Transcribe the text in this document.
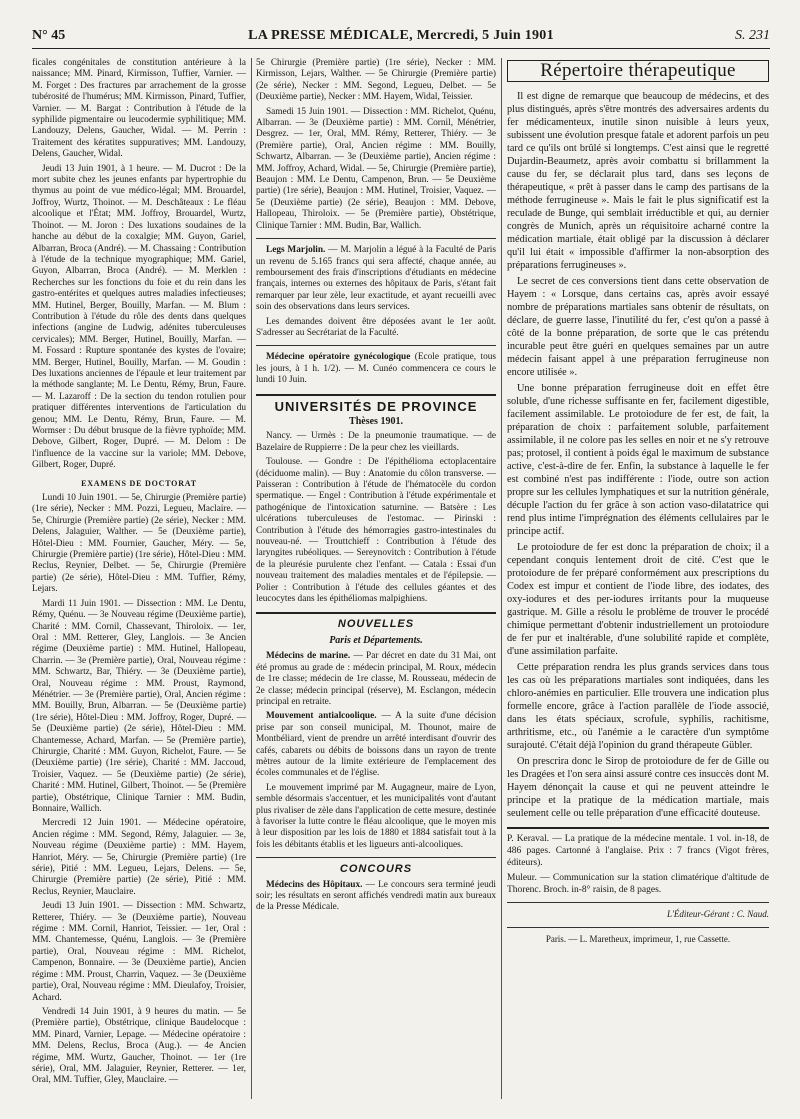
N° 45	LA PRESSE MÉDICALE, Mercredi, 5 Juin 1901	S. 231

ficales congénitales de constitution antérieure à la naissance; MM. Pinard, Kirmisson, Tuffier, Varnier. — M. Forget : Des fractures par arrachement de la grosse tubérosité de l'humérus; MM. Kirmisson, Pinard, Tuffier, Varnier. — M. Bargat : Contribution à l'étude de la syphilide pigmentaire ou leucodermie syphilitique; MM. Landouzy, Delens, Gaucher, Widal. — M. Perrin : Traitement des kératites suppuratives; MM. Landouzy, Delens, Gaucher, Widal.

Jeudi 13 Juin 1901, à 1 heure. — M. Ducrot : De la mort subite chez les jeunes enfants par hypertrophie du thymus au point de vue médico-légal; MM. Brouardel, Joffroy, Wurtz, Thoinot. — M. Deschâteaux : Le fléau alcoolique et l'État; MM. Joffroy, Brouardel, Wurtz, Thoinot. — M. Joron : Des luxations soudaines de la hanche au début de la coxalgie; MM. Guyon, Gariel, Albarran, Broca (André). — M. Chassaing : Contribution à l'étude de la technique myographique; MM. Gariel, Guyon, Albarran, Broca (André). — M. Merklen : Recherches sur les fonctions du foie et du rein dans les gastro-entérites et quelques autres maladies infectieuses; MM. Hutinel, Berger, Bouilly, Marfan. — M. Blum : Contribution à l'étude du rôle des dents dans quelques infections (angine de Ludwig, adénites tuberculeuses cervicales); MM. Berger, Hutinel, Bouilly, Marfan. — M. Fossard : Rupture spontanée des kystes de l'ovaire; MM. Berger, Hutinel, Bouilly, Marfan. — M. Goudin : Des luxations anciennes de l'épaule et leur traitement par la méthode sanglante; M. Le Dentu, Rémy, Brun, Faure. — M. Lazaroff : De la section du tendon rotulien pour pratiquer différentes interventions de l'articulation du genou; MM. Le Dentu, Rémy, Brun, Faure. — M. Wormser : Du début brusque de la fièvre typhoïde; MM. Debove, Gilbert, Roger, Dupré. — M. Delom : De l'influence de la vaccine sur la variole; MM. Debove, Gilbert, Roger, Dupré.

EXAMENS DE DOCTORAT

Lundi 10 Juin 1901. — 5e, Chirurgie (Première partie) (1re série), Necker : MM. Pozzi, Legueu, Maclaire. — 5e, Chirurgie (Première partie) (2e série), Necker : MM. Delens, Jalaguier, Walther. — 5e (Deuxième partie), Hôtel-Dieu : MM. Fournier, Gaucher, Méry. — 5e, Chirurgie (Première partie) (1re série), Hôtel-Dieu : MM. Reclus, Reynier, Delbet. — 5e, Chirurgie (Première partie) (2e série), Hôtel-Dieu : MM. Tuffier, Rémy, Lejars.

Mardi 11 Juin 1901. — Dissection : MM. Le Dentu, Rémy, Quénu. — 3e Nouveau régime (Deuxième partie), Charité : MM. Cornil, Chassevant, Thiroloix. — 1er, Oral : MM. Retterer, Gley, Langlois. — 3e Ancien régime (Deuxième partie) : MM. Hutinel, Hallopeau, Charrin. — 3e (Première partie), Oral, Nouveau régime : MM. Schwartz, Bar, Thiéry. — 3e (Deuxième partie), Oral, Nouveau régime : MM. Proust, Raymond, Ménétrier. — 3e (Première partie), Oral, Ancien régime : MM. Bouilly, Brun, Albarran. — 5e (Deuxième partie) (1re série), Hôtel-Dieu : MM. Joffroy, Roger, Dupré. — 5e (Deuxième partie) (2e série), Hôtel-Dieu : MM. Chantemesse, Achard, Marfan. — 5e (Première partie), Chirurgie, Charité : MM. Guyon, Richelot, Faure. — 5e (Deuxième partie) (1re série), Charité : MM. Jaccoud, Troisier, Vaquez. — 5e (Deuxième partie) (2e série), Charité : MM. Hutinel, Gilbert, Thoinot. — 5e (Première partie), Obstétrique, Clinique Tarnier : MM. Budin, Bonnaire, Wallich.

Mercredi 12 Juin 1901. — Médecine opératoire, Ancien régime : MM. Segond, Rémy, Jalaguier. — 3e, Nouveau régime (Deuxième partie) : MM. Hayem, Hanriot, Méry. — 5e, Chirurgie (Première partie) (1re série), Pitié : MM. Legueu, Lejars, Delens. — 5e, Chirurgie (Première partie) (2e série), Pitié : MM. Reclus, Reynier, Mauclaire.

Jeudi 13 Juin 1901. — Dissection : MM. Schwartz, Retterer, Thiéry. — 3e (Deuxième partie), Nouveau régime : MM. Cornil, Hanriot, Teissier. — 1er, Oral : MM. Chantemesse, Quénu, Langlois. — 3e (Première partie), Oral, Nouveau régime : MM. Richelot, Campenon, Bonnaire. — 3e (Deuxième partie), Ancien régime : MM. Proust, Charrin, Vaquez. — 3e (Deuxième partie), Oral, Nouveau régime : MM. Dieulafoy, Troisier, Achard.

Vendredi 14 Juin 1901, à 9 heures du matin. — 5e (Première partie), Obstétrique, clinique Baudelocque : MM. Pinard, Varnier, Lepage. — Médecine opératoire : MM. Delens, Reclus, Broca (Aug.). — 4e Ancien régime, MM. Wurtz, Gaucher, Thoinot. — 1er (1re série), Oral, MM. Jalaguier, Reynier, Retterer. — 1er, Oral, MM. Tuffier, Gley, Mauclaire. —

5e Chirurgie (Première partie) (1re série), Necker : MM. Kirmisson, Lejars, Walther. — 5e Chirurgie (Première partie) (2e série), Necker : MM. Segond, Legueu, Delbet. — 5e (Deuxième partie), Necker : MM. Hayem, Widal, Teissier.

Samedi 15 Juin 1901. — Dissection : MM. Richelot, Quénu, Albarran. — 3e (Deuxième partie) : MM. Cornil, Ménétrier, Desgrez. — 1er, Oral, MM. Rémy, Retterer, Thiéry. — 3e (Première partie), Oral, Ancien régime : MM. Bouilly, Schwartz, Albarran. — 3e (Deuxième partie), Ancien régime : MM. Joffroy, Achard, Widal. — 5e, Chirurgie (Première partie), Beaujon : MM. Le Dentu, Campenon, Brun. — 5e Deuxième partie) (1re série), Beaujon : MM. Hutinel, Troisier, Vaquez. — 5e (Deuxième partie) (2e série), Beaujon : MM. Debove, Hallopeau, Thiroloix. — 5e (Première partie), Obstétrique, Clinique Tarnier : MM. Budin, Bar, Wallich.

Legs Marjolin. — M. Marjolin a légué à la Faculté de Paris un revenu de 5.165 francs qui sera affecté, chaque année, au remboursement des frais d'inscriptions d'étudiants en médecine français, internes ou externes des hôpitaux de Paris, s'étant fait remarquer par leur zèle, leur exactitude, et ayant recueilli avec soin des observations dans leurs services.

Les demandes doivent être déposées avant le 1er août. S'adresser au Secrétariat de la Faculté.

Médecine opératoire gynécologique (Ecole pratique, tous les jours, à 1 h. 1/2). — M. Cunéo commencera ce cours le lundi 10 Juin.

UNIVERSITÉS DE PROVINCE
Thèses 1901.

Nancy. — Urmès : De la pneumonie traumatique. — de Bazelaire de Ruppierre : De la peur chez les vieillards.

Toulouse. — Gondre : De l'épithélioma ectoplacentaire (déciduome malin). — Buy : Anatomie du côlon transverse. — Paisseran : Contribution à l'étude de l'hématocèle du cordon spermatique. — Engel : Contribution à l'étude expérimentale et pathogénique de l'intoxication saturnine. — Batsère : Les ulcérations tuberculeuses de l'estomac. — Pirinski : Contribution à l'étude des hémorragies gastro-intestinales du nouveau-né. — Trouttchieff : Contribution à l'étude des laryngites rubéoliques. — Sereynovitch : Contribution à l'étude de la pleurésie purulente chez l'enfant. — Catala : Essai d'un nouveau traitement des maladies mentales et de l'épilepsie. — Polier : Contribution à l'étude des cellules géantes et des leucocytes dans les épithéliomas malpighiens.

NOUVELLES
Paris et Départements.

Médecins de marine. — Par décret en date du 31 Mai, ont été promus au grade de : médecin principal, M. Roux, médecin de 1re classe; médecin de 1re classe, M. Rousseau, médecin de 2e classe; médecin principal (réserve), M. Esclangon, médecin principal en retraite.

Mouvement antialcoolique. — A la suite d'une décision prise par son conseil municipal, M. Thounot, maire de Montbéliard, vient de prendre un arrêté interdisant d'ouvrir des cafés, cabarets ou débits de boissons dans un rayon de trente mètres autour de la limite extérieure de l'emplacement des écoles communales et de l'église.

Le mouvement imprimé par M. Augagneur, maire de Lyon, semble désormais s'accentuer, et les municipalités vont d'autant plus rivaliser de zèle dans l'application de cette mesure, destinée à favoriser la lutte contre le fléau alcoolique, que le moyen mis à leur disposition par les lois de 1880 et 1884 satisfait tout à la fois les débitants établis et les ligueurs anti-alcooliques.

CONCOURS

Médecins des Hôpitaux. — Le concours sera terminé jeudi soir; les résultats en seront affichés vendredi matin aux bureaux de la Presse Médicale.

Répertoire thérapeutique

Il est digne de remarque que beaucoup de médecins, et des plus distingués, après s'être montrés des adversaires ardents du fer médicamenteux, inutile sinon nuisible à leurs yeux, subissent une évolution presque fatale et adorent parfois un peu tard ce qu'ils ont brûlé si longtemps. C'est ainsi que le regretté Dujardin-Beaumetz, après avoir combattu si brillamment la cause du fer, se déclarait plus tard, dans ses leçons de thérapeutique, « prêt à passer dans le camp des partisans de la méthode ferrugineuse ». Mais le fait le plus significatif est la reculade de Bunge, qui semblait irréductible et qui, au dernier congrès de Munich, après un réquisitoire acharné contre la médication martiale, était obligé par la discussion à déclarer qu'il lui était « impossible d'affirmer la non-absorption des préparations ferrugineuses ».

Le secret de ces conversions tient dans cette observation de Hayem : « Lorsque, dans certains cas, après avoir essayé nombre de préparations martiales sans obtenir de résultats, on déclare, de guerre lasse, l'inutilité du fer, c'est qu'on a passé à côté de la bonne préparation, de sorte que le cas prétendu incurable peut être guéri en quelques semaines par un autre médecin faisant appel à une préparation ferrugineuse non encore utilisée ».

Une bonne préparation ferrugineuse doit en effet être soluble, d'une richesse suffisante en fer, facilement digestible, facilement assimilable. Le protoiodure de fer est, de fait, la préparation de choix : parfaitement soluble, parfaitement assimilable, il ne colore pas les selles en noir et ne s'y retrouve pas; protosel, il contient à poids égal le maximum de substance active, c'est-à-dire de fer. Enfin, la substance à laquelle le fer est combiné n'est pas indifférente : l'iode, outre son action propre sur les cellules lymphatiques et sur la nutrition générale, décuple l'action du fer grâce à son action vaso-dilatatrice qui rend plus intime l'imprégnation des éléments cellulaires par le principe actif.

Le protoiodure de fer est donc la préparation de choix; il a cependant conquis lentement droit de cité. C'est que le protoiodure de fer préparé conformément aux prescriptions du Codex est impur et contient de l'iode libre, des iodates, des oxy-iodures et des per-iodures irritants pour la muqueuse gastrique. M. Gille a résolu le problème de trouver le procédé chimique permettant d'obtenir industriellement un protoiodure de fer pur et inaltérable, d'une solubilité rapide et complète, d'une assimilation parfaite.

Cette préparation rendra les plus grands services dans tous les cas où les préparations martiales sont indiquées, dans les chloro-anémies en particulier. Elle trouvera une indication plus formelle encore, grâce à l'action parallèle de l'iode associé, dans les états spéciaux, scrofule, syphilis, rachitisme, arthritisme, etc., où l'anémie a le caractère d'un symptôme surajouté. C'était déjà l'opinion du grand thérapeute Gübler.

On prescrira donc le Sirop de protoiodure de fer de Gille ou les Dragées et l'on sera ainsi assuré contre ces insuccès dont M. Hayem dénonçait la cause et qui ne peuvent atteindre le principe et la pratique de la médication martiale, mais seulement celle ou telle préparation d'une efficacité douteuse.

P. Keraval. — La pratique de la médecine mentale. 1 vol. in-18, de 486 pages. Cartonné à l'anglaise. Prix : 7 francs (Vigot frères, éditeurs).

Muleur. — Communication sur la station climatérique d'altitude de Thorenc. Broch. in-8° raisin, de 8 pages.

L'Éditeur-Gérant : C. Naud.
Paris. — L. Maretheux, imprimeur, 1, rue Cassette.
